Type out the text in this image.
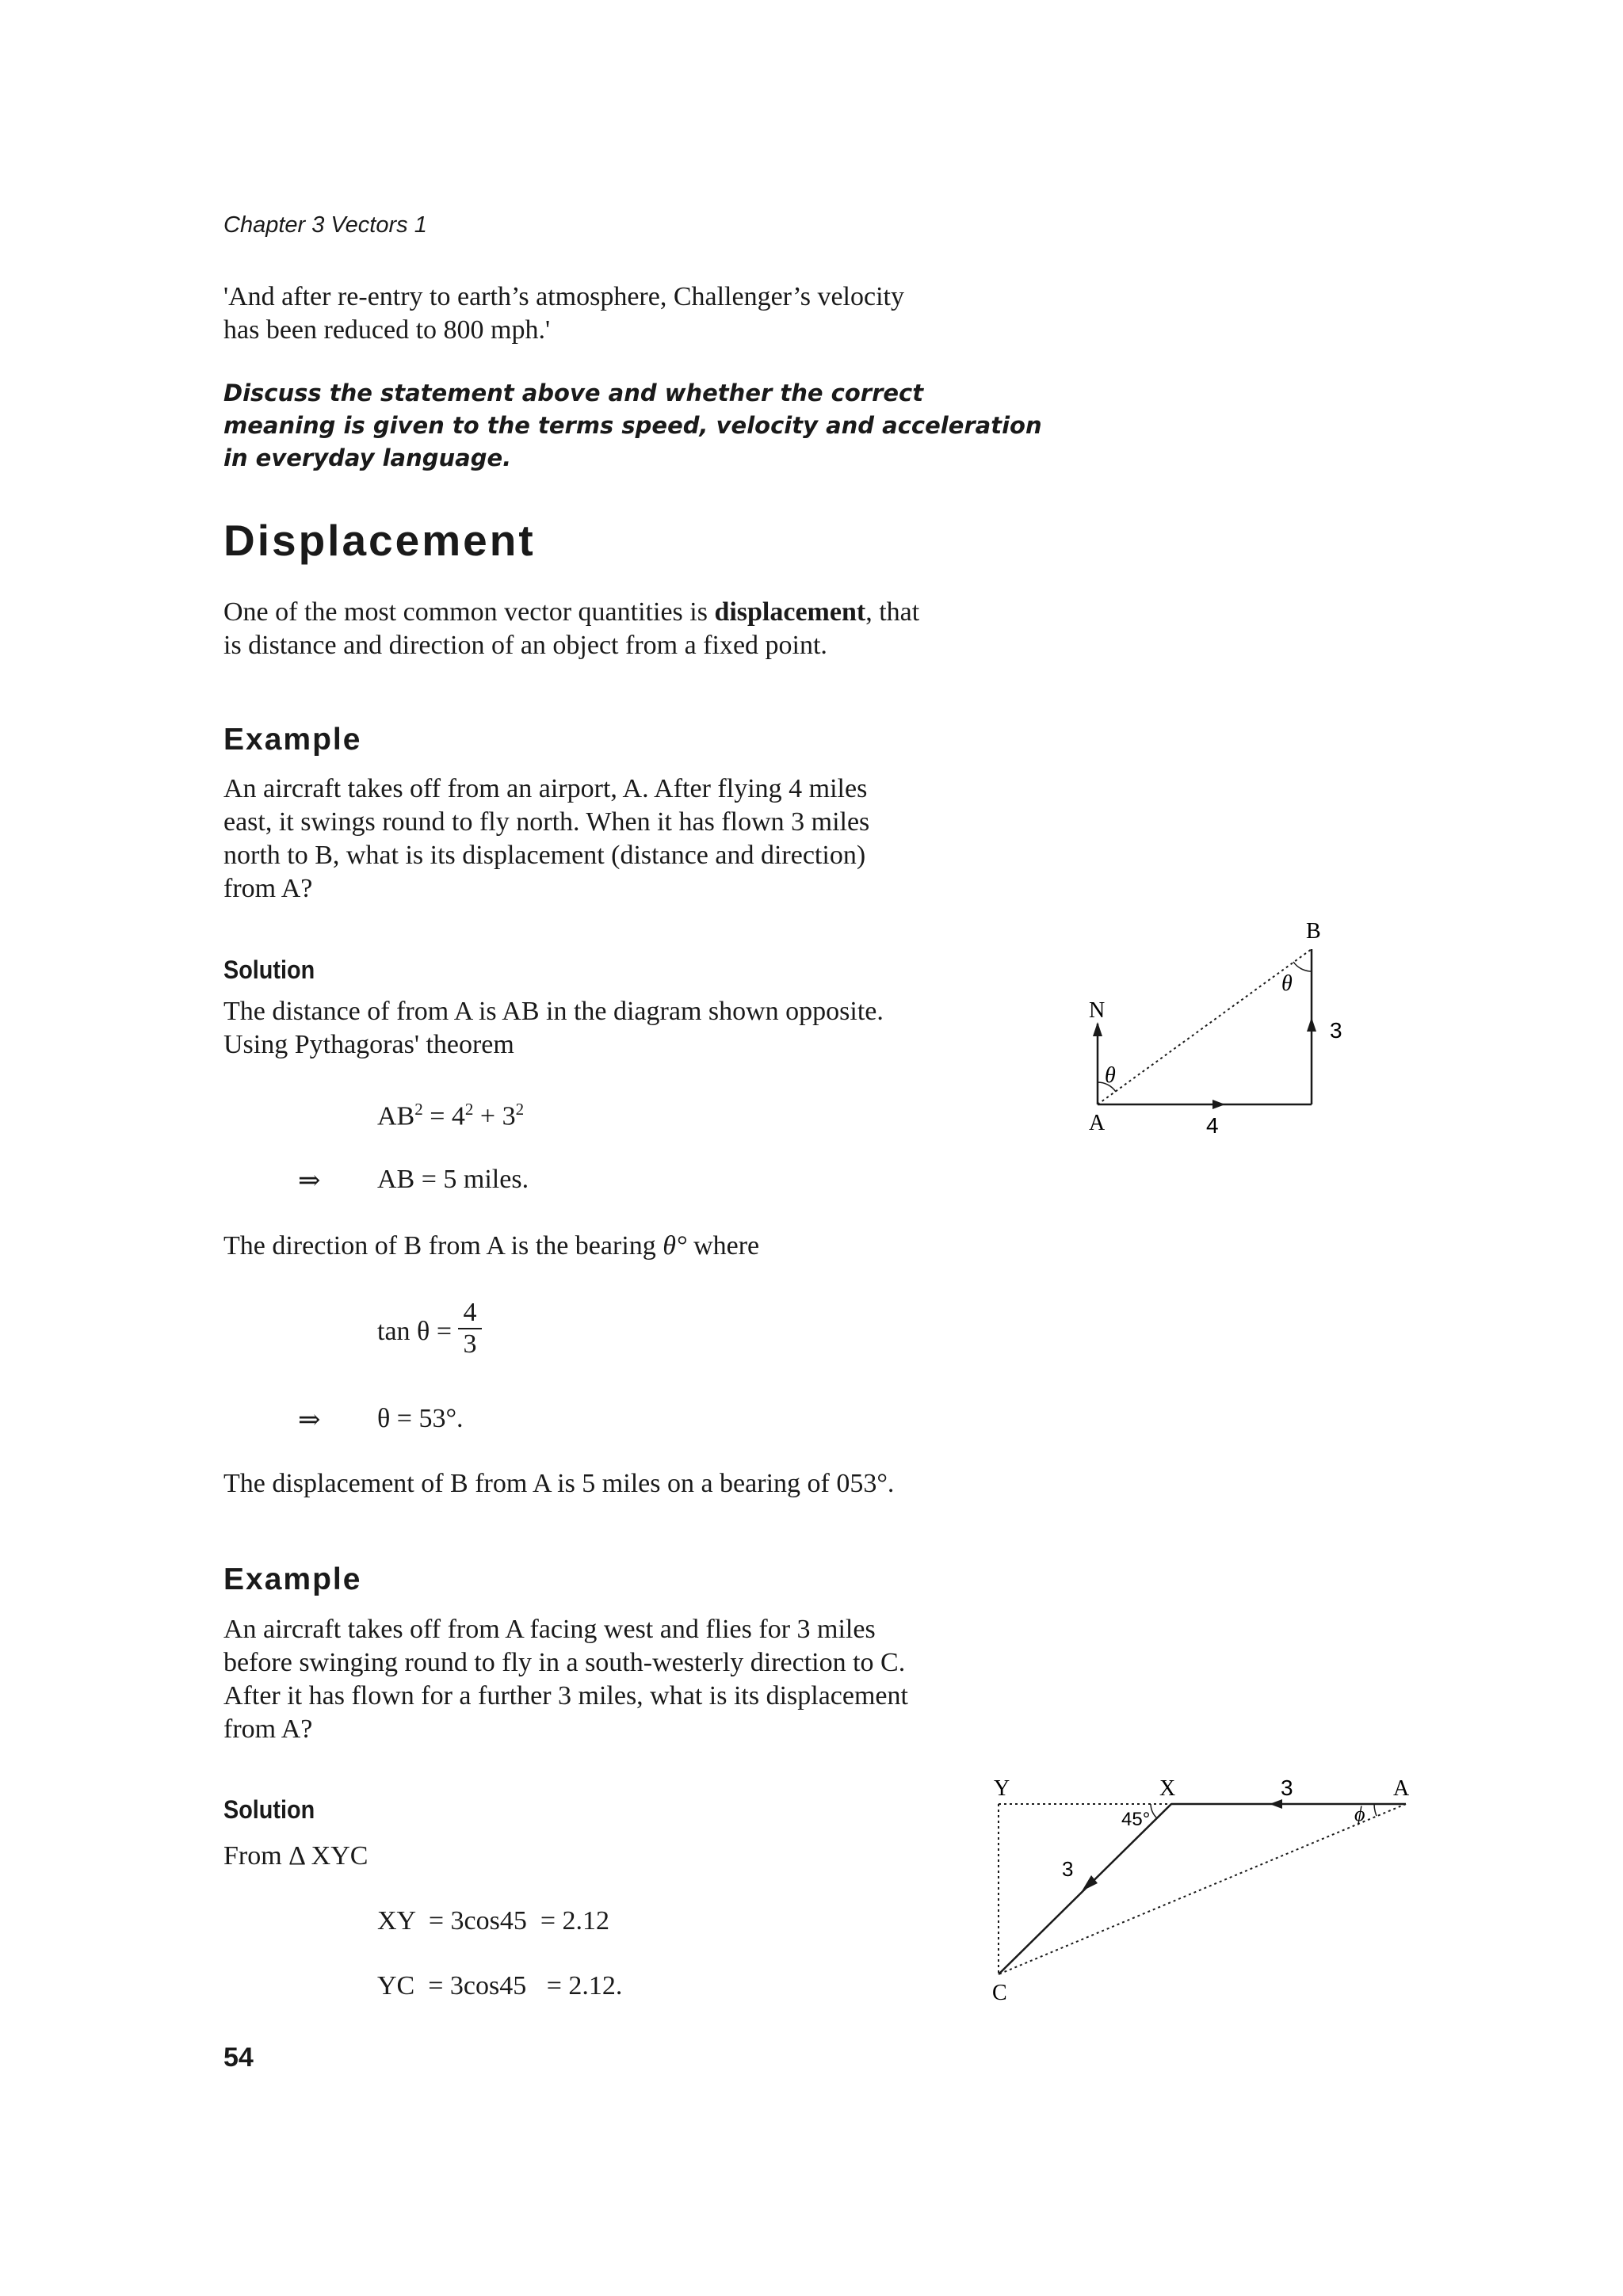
Chapter 3 Vectors 1
'And after re-entry to earth’s atmosphere, Challenger’s velocity
has been reduced to 800 mph.'
Discuss the statement above and whether the correct
meaning is given to the terms speed, velocity and acceleration
in everyday language.
Displacement
One of the most common vector quantities is displacement, that
is distance and direction of an object from a fixed point.
Example
An aircraft takes off from an airport, A. After flying 4 miles
east, it swings round to fly north. When it has flown 3 miles
north to B, what is its displacement (distance and direction)
from A?
Solution
The distance of from A is AB in the diagram shown opposite.
Using Pythagoras' theorem
$AB^2 = 4^2 + 3^2$
⇒ AB = 5 miles.
The direction of B from A is the bearing θ° where
tan θ =
4
3
⇒ θ = 53°.
The displacement of B from A is 5 miles on a bearing of 053°.
B
θ
3
N
θ
A	4
Example
An aircraft takes off from A facing west and flies for 3 miles
before swinging round to fly in a south-westerly direction to C.
After it has flown for a further 3 miles, what is its displacement
from A?
Solution
From Δ XYC
XY  = 3cos45  = 2.12
YC  = 3cos45   = 2.12.
Y	X	3	A
45°	ϕ
3
C
54
